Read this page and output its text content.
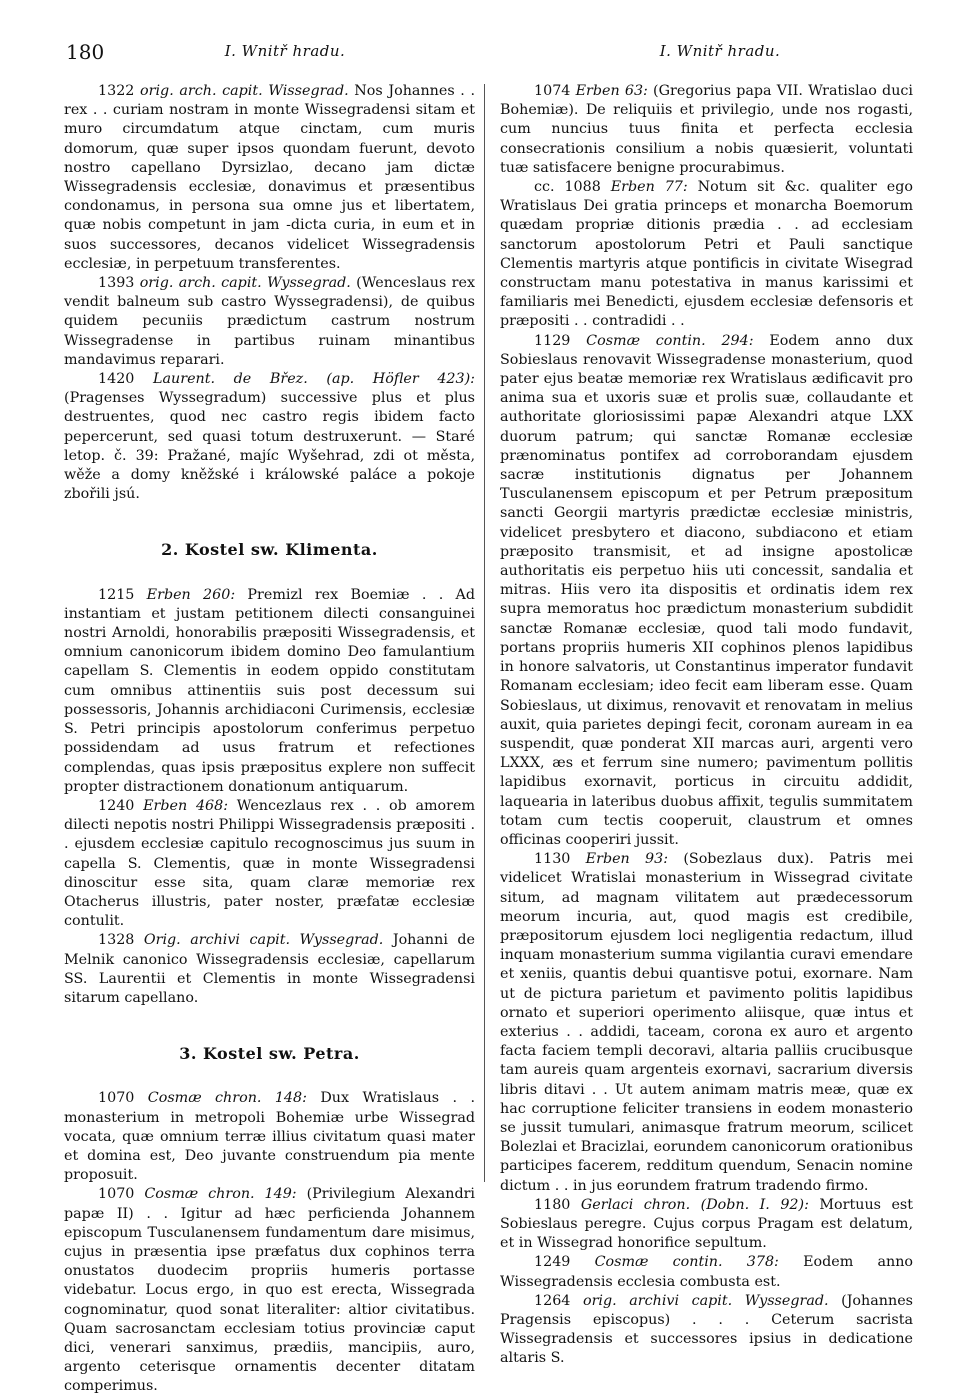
180	I. Wnitř hradu.	I. Wnitř hradu.

1322 orig. arch. capit. Wissegrad. Nos Johannes . . rex . . curiam nostram in monte Wissegradensi sitam et muro circumdatum atque cinctam, cum muris domorum, quæ super ipsos quondam fuerunt, devoto nostro capellano Dyrsizlao, decano jam dictæ Wissegradensis ecclesiæ, donavimus et præsentibus condonamus, in persona sua omne jus et libertatem, quæ nobis competunt in jam -dicta curia, in eum et in suos successores, decanos videlicet Wissegradensis ecclesiæ, in perpetuum transferentes.

1393 orig. arch. capit. Wyssegrad. (Wenceslaus rex vendit balneum sub castro Wyssegradensi), de quibus quidem pecuniis prædictum castrum nostrum Wissegradense in partibus ruinam minantibus mandavimus reparari.

1420 Laurent. de Břez. (ap. Höfler 423): (Pragenses Wyssegradum) successive plus et plus destruentes, quod nec castro regis ibidem facto pepercerunt, sed quasi totum destruxerunt. — Staré letop. č. 39: Pražané, majíc Wyšehrad, zdi ot města, wěže a domy kněžské i králowské paláce a pokoje zbořili jsú.

2. Kostel sw. Klimenta.

1215 Erben 260: Premizl rex Boemiæ . . Ad instantiam et justam petitionem dilecti consanguinei nostri Arnoldi, honorabilis præpositi Wissegradensis, et omnium canonicorum ibidem domino Deo famulantium capellam S. Clementis in eodem oppido constitutam cum omnibus attinentiis suis post decessum sui possessoris, Johannis archidiaconi Curimensis, ecclesiæ S. Petri principis apostolorum conferimus perpetuo possidendam ad usus fratrum et refectiones complendas, quas ipsis præpositus explere non suffecit propter distractionem donationum antiquarum.

1240 Erben 468: Wencezlaus rex . . ob amorem dilecti nepotis nostri Philippi Wissegradensis præpositi . . ejusdem ecclesiæ capitulo recognoscimus jus suum in capella S. Clementis, quæ in monte Wissegradensi dinoscitur esse sita, quam claræ memoriæ rex Otacherus illustris, pater noster, præfatæ ecclesiæ contulit.

1328 Orig. archivi capit. Wyssegrad. Johanni de Melnik canonico Wissegradensis ecclesiæ, capellarum SS. Laurentii et Clementis in monte Wissegradensi sitarum capellano.

3. Kostel sw. Petra.

1070 Cosmæ chron. 148: Dux Wratislaus . . monasterium in metropoli Bohemiæ urbe Wissegrad vocata, quæ omnium terræ illius civitatum quasi mater et domina est, Deo juvante construendum pia mente proposuit.

1070 Cosmæ chron. 149: (Privilegium Alexandri papæ II) . . Igitur ad hæc perficienda Johannem episcopum Tusculanensem fundamentum dare misimus, cujus in præsentia ipse præfatus dux cophinos terra onustatos duodecim propriis humeris portasse videbatur. Locus ergo, in quo est erecta, Wissegrada cognominatur, quod sonat literaliter: altior civitatibus. Quam sacrosanctam ecclesiam totius provinciæ caput dici, venerari sanximus, prædiis, mancipiis, auro, argento ceterisque ornamentis decenter ditatam comperimus.

1074 Erben 63: (Gregorius papa VII. Wratislao duci Bohemiæ). De reliquiis et privilegio, unde nos rogasti, cum nuncius tuus finita et perfecta ecclesia consecrationis consilium a nobis quæsierit, voluntati tuæ satisfacere benigne procurabimus.

cc. 1088 Erben 77: Notum sit &c. qualiter ego Wratislaus Dei gratia princeps et monarcha Boemorum quædam propriæ ditionis prædia . . ad ecclesiam sanctorum apostolorum Petri et Pauli sanctique Clementis martyris atque pontificis in civitate Wisegrad constructam manu potestativa in manus karissimi et familiaris mei Benedicti, ejusdem ecclesiæ defensoris et præpositi . . contradidi . .

1129 Cosmæ contin. 294: Eodem anno dux Sobieslaus renovavit Wissegradense monasterium, quod pater ejus beatæ memoriæ rex Wratislaus ædificavit pro anima sua et uxoris suæ et prolis suæ, collaudante et authoritate gloriosissimi papæ Alexandri atque LXX duorum patrum; qui sanctæ Romanæ ecclesiæ prænominatus pontifex ad corroborandam ejusdem sacræ institutionis dignatus per Johannem Tusculanensem episcopum et per Petrum præpositum sancti Georgii martyris prædictæ ecclesiæ ministris, videlicet presbytero et diacono, subdiacono et etiam præposito transmisit, et ad insigne apostolicæ authoritatis eis perpetuo hiis uti concessit, sandalia et mitras. Hiis vero ita dispositis et ordinatis idem rex supra memoratus hoc prædictum monasterium subdidit sanctæ Romanæ ecclesiæ, quod tali modo fundavit, portans propriis humeris XII cophinos plenos lapidibus in honore salvatoris, ut Constantinus imperator fundavit Romanam ecclesiam; ideo fecit eam liberam esse. Quam Sobieslaus, ut diximus, renovavit et renovatam in melius auxit, quia parietes depingi fecit, coronam auream in ea suspendit, quæ ponderat XII marcas auri, argenti vero LXXX, æs et ferrum sine numero; pavimentum pollitis lapidibus exornavit, porticus in circuitu addidit, laquearia in lateribus duobus affixit, tegulis summitatem totam cum tectis cooperuit, claustrum et omnes officinas cooperiri jussit.

1130 Erben 93: (Sobezlaus dux). Patris mei videlicet Wratislai monasterium in Wissegrad civitate situm, ad magnam vilitatem aut prædecessorum meorum incuria, aut, quod magis est credibile, præpositorum ejusdem loci negligentia redactum, illud inquam monasterium summa vigilantia curavi emendare et xeniis, quantis debui quantisve potui, exornare. Nam ut de pictura parietum et pavimento politis lapidibus ornato et superiori operimento aliisque, quæ intus et exterius . . addidi, taceam, corona ex auro et argento facta faciem templi decoravi, altaria palliis crucibusque tam aureis quam argenteis exornavi, sacrarium diversis libris ditavi . . Ut autem animam matris meæ, quæ ex hac corruptione feliciter transiens in eodem monasterio se jussit tumulari, animasque fratrum meorum, scilicet Bolezlai et Bracizlai, eorundem canonicorum orationibus participes facerem, redditum quendum, Senacin nomine dictum . . in jus eorundem fratrum tradendo firmo.

1180 Gerlaci chron. (Dobn. I. 92): Mortuus est Sobieslaus peregre. Cujus corpus Pragam est delatum, et in Wissegrad honorifice sepultum.

1249 Cosmæ contin. 378: Eodem anno Wissegradensis ecclesia combusta est.

1264 orig. archivi capit. Wyssegrad. (Johannes Pragensis episcopus) . . . Ceterum sacrista Wissegradensis et successores ipsius in dedicatione altaris S.
